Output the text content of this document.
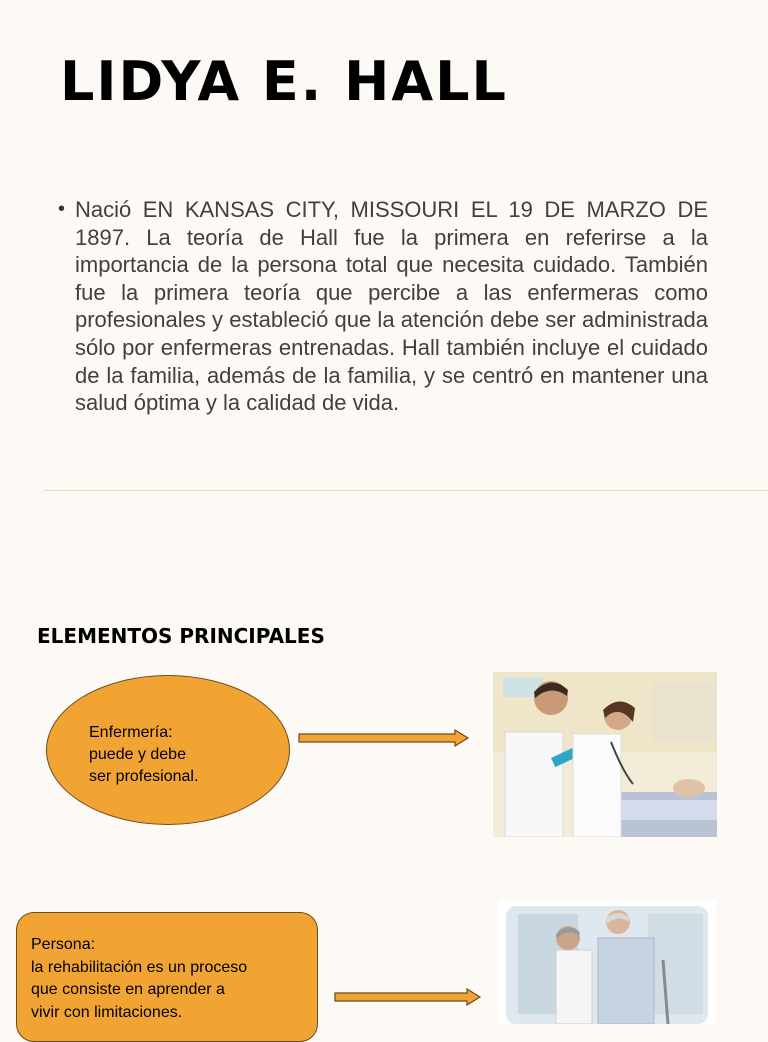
LIDYA E. HALL
• Nació EN KANSAS CITY, MISSOURI EL 19 DE MARZO DE 1897. La teoría de Hall fue la primera en referirse a la importancia de la persona total que necesita cuidado. También fue la primera teoría que percibe a las enfermeras como profesionales y estableció que la atención debe ser administrada sólo por enfermeras entrenadas. Hall también incluye el cuidado de la familia, además de la familia, y se centró en mantener una salud óptima y la calidad de vida.
ELEMENTOS PRINCIPALES
Enfermería:
puede y debe
ser profesional.
Persona:
la rehabilitación es un proceso
que consiste en aprender a
vivir con limitaciones.
